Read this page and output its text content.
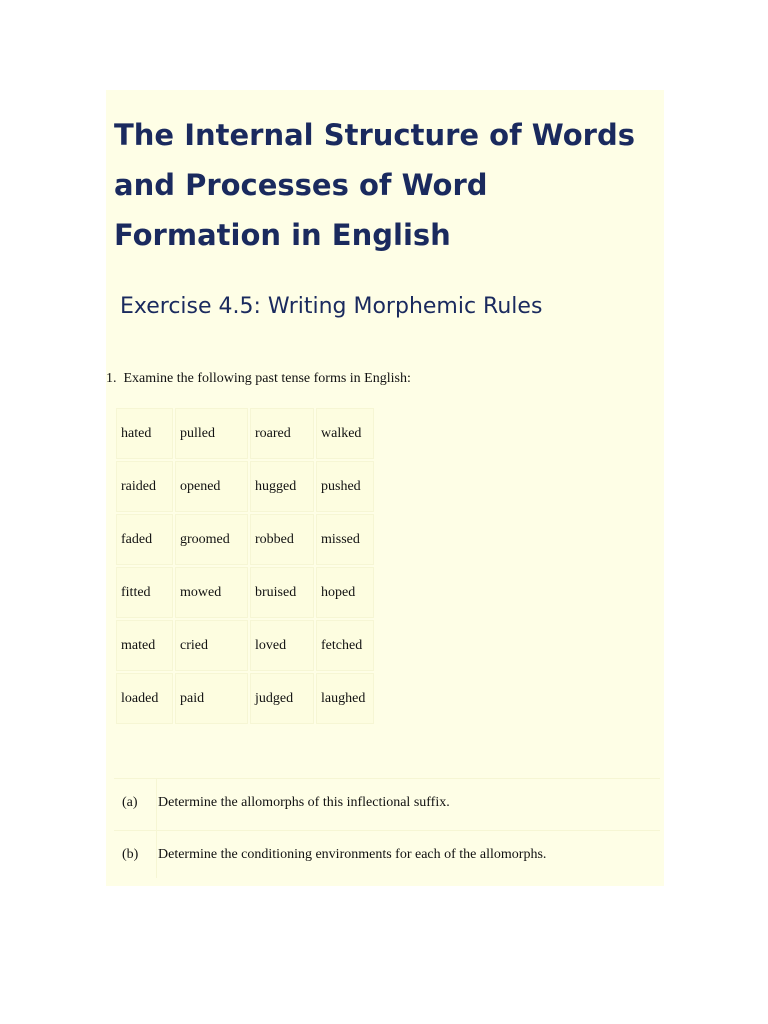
The Internal Structure of Words and Processes of Word Formation in English
Exercise 4.5: Writing Morphemic Rules

1. Examine the following past tense forms in English:

hated	pulled	roared	walked
raided	opened	hugged	pushed
faded	groomed	robbed	missed
fitted	mowed	bruised	hoped
mated	cried	loved	fetched
loaded	paid	judged	laughed
(a) Determine the allomorphs of this inflectional suffix.
(b) Determine the conditioning environments for each of the allomorphs.
